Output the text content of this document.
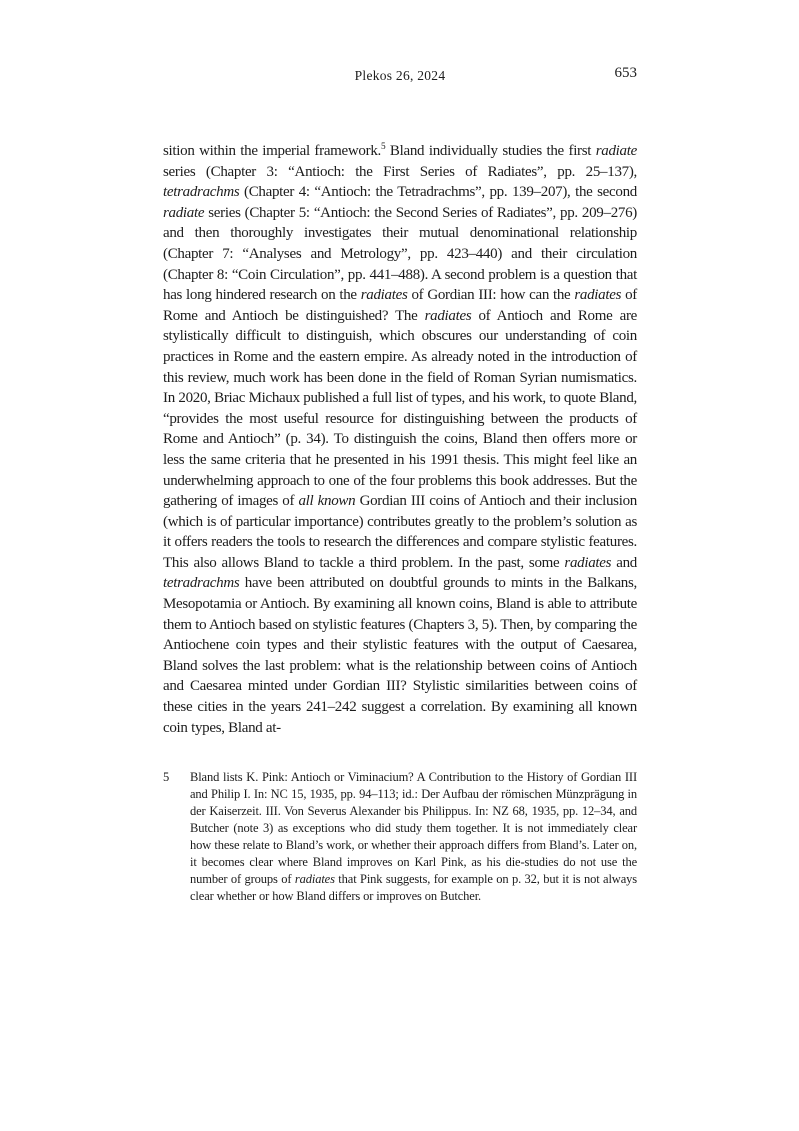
Plekos 26, 2024	653

sition within the imperial framework.$^5$ Bland individually studies the first radiate series (Chapter 3: “Antioch: the First Series of Radiates”, pp. 25–137), tetradrachms (Chapter 4: “Antioch: the Tetradrachms”, pp. 139–207), the second radiate series (Chapter 5: “Antioch: the Second Series of Radiates”, pp. 209–276) and then thoroughly investigates their mutual denominational relationship (Chapter 7: “Analyses and Metrology”, pp. 423–440) and their circulation (Chapter 8: “Coin Circulation”, pp. 441–488). A second problem is a question that has long hindered research on the radiates of Gordian III: how can the radiates of Rome and Antioch be distinguished? The radiates of Antioch and Rome are stylistically difficult to distinguish, which obscures our understanding of coin practices in Rome and the eastern empire. As already noted in the introduction of this review, much work has been done in the field of Roman Syrian numismatics. In 2020, Briac Michaux published a full list of types, and his work, to quote Bland, “provides the most useful resource for distinguishing between the products of Rome and Antioch” (p. 34). To distinguish the coins, Bland then offers more or less the same criteria that he presented in his 1991 thesis. This might feel like an underwhelming approach to one of the four problems this book addresses. But the gathering of images of all known Gordian III coins of Antioch and their inclusion (which is of particular importance) contributes greatly to the problem’s solution as it offers readers the tools to research the differences and compare stylistic features. This also allows Bland to tackle a third problem. In the past, some radiates and tetradrachms have been attributed on doubtful grounds to mints in the Balkans, Mesopotamia or Antioch. By examining all known coins, Bland is able to attribute them to Antioch based on stylistic features (Chapters 3, 5). Then, by comparing the Antiochene coin types and their stylistic features with the output of Caesarea, Bland solves the last problem: what is the relationship between coins of Antioch and Caesarea minted under Gordian III? Stylistic similarities between coins of these cities in the years 241–242 suggest a correlation. By examining all known coin types, Bland at-

5	Bland lists K. Pink: Antioch or Viminacium? A Contribution to the History of Gordian III and Philip I. In: NC 15, 1935, pp. 94–113; id.: Der Aufbau der römischen Münzprägung in der Kaiserzeit. III. Von Severus Alexander bis Philippus. In: NZ 68, 1935, pp. 12–34, and Butcher (note 3) as exceptions who did study them together. It is not immediately clear how these relate to Bland’s work, or whether their approach differs from Bland’s. Later on, it becomes clear where Bland improves on Karl Pink, as his die-studies do not use the number of groups of radiates that Pink suggests, for example on p. 32, but it is not always clear whether or how Bland differs or improves on Butcher.
